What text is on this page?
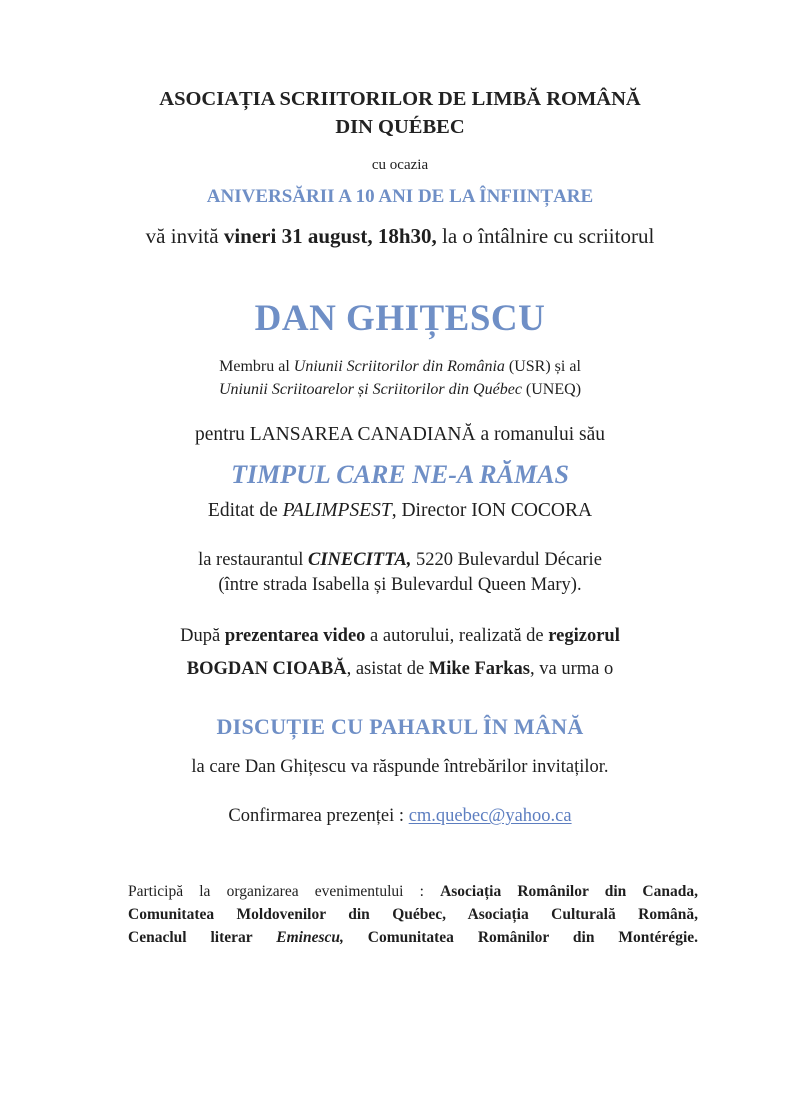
ASOCIAȚIA SCRIITORILOR DE LIMBĂ ROMÂNĂ
DIN QUÉBEC
cu ocazia
ANIVERSĂRII A 10 ANI DE LA ÎNFIINȚARE
vă invită vineri 31 august, 18h30, la o întâlnire cu scriitorul
DAN GHIȚESCU
Membru al Uniunii Scriitorilor din România (USR) și al
Uniunii Scriitoarelor și Scriitorilor din Québec (UNEQ)
pentru LANSAREA CANADIANĂ a romanului său
TIMPUL CARE NE-A RĂMAS
Editat de PALIMPSEST, Director ION COCORA
la restaurantul CINECITTA, 5220 Bulevardul Décarie
(între strada Isabella și Bulevardul Queen Mary).
După prezentarea video a autorului, realizată de regizorul
BOGDAN CIOABĂ, asistat de Mike Farkas, va urma o
DISCUȚIE CU PAHARUL ÎN MÂNĂ
la care Dan Ghițescu va răspunde întrebărilor invitaților.
Confirmarea prezenței : cm.quebec@yahoo.ca
Participă la organizarea evenimentului : Asociația Românilor din Canada,
Comunitatea Moldovenilor din Québec, Asociația Culturală Română,
Cenaclul literar Eminescu, Comunitatea Românilor din Montérégie.
